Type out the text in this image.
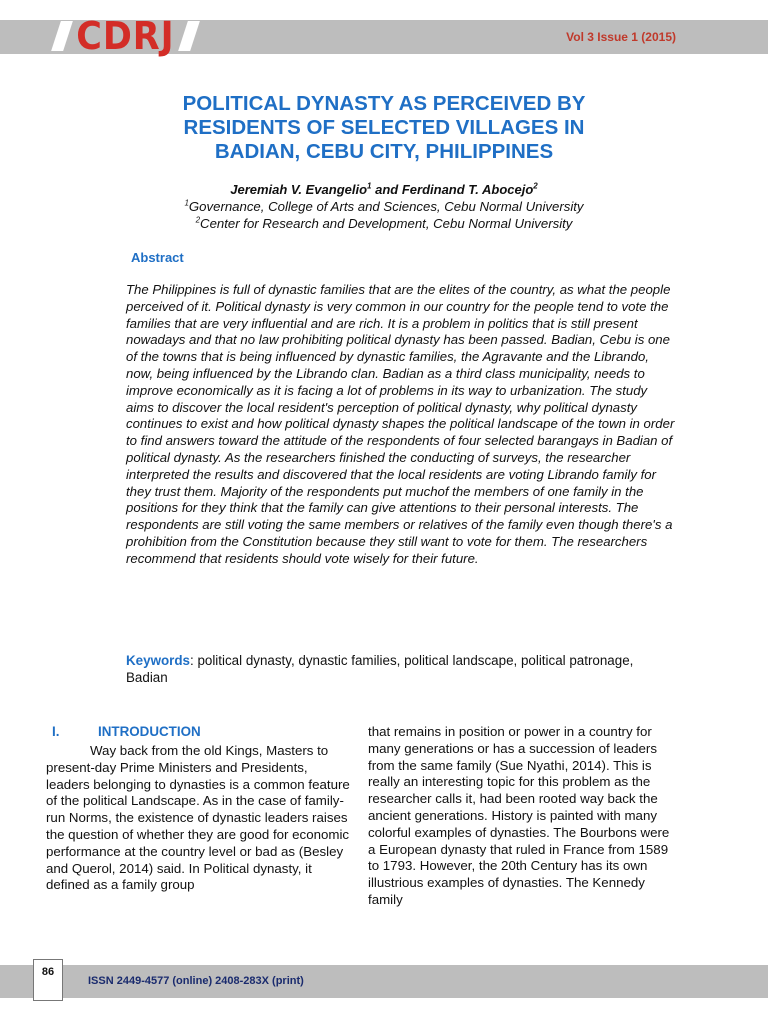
CDRJ	Vol 3 Issue 1 (2015)
POLITICAL DYNASTY AS PERCEIVED BY
RESIDENTS OF SELECTED VILLAGES IN
BADIAN, CEBU CITY, PHILIPPINES
Jeremiah V. Evangelio$^1$ and Ferdinand T. Abocejo$^2$
$^1$Governance, College of Arts and Sciences, Cebu Normal University
$^2$Center for Research and Development, Cebu Normal University
Abstract

The Philippines is full of dynastic families that are the elites of the country, as what the people perceived of it. Political dynasty is very common in our country for the people tend to vote the families that are very influential and are rich. It is a problem in politics that is still present nowadays and that no law prohibiting political dynasty has been passed. Badian, Cebu is one of the towns that is being influenced by dynastic families, the Agravante and the Librando, now, being influenced by the Librando clan. Badian as a third class municipality, needs to improve economically as it is facing a lot of problems in its way to urbanization. The study aims to discover the local resident's perception of political dynasty, why political dynasty continues to exist and how political dynasty shapes the political landscape of the town in order to find answers toward the attitude of the respondents of four selected barangays in Badian of political dynasty. As the researchers finished the conducting of surveys, the researcher interpreted the results and discovered that the local residents are voting Librando family for they trust them. Majority of the respondents put muchof the members of one family in the positions for they think that the family can give attentions to their personal interests. The respondents are still voting the same members or relatives of the family even though there's a prohibition from the Constitution because they still want to vote for them. The researchers recommend that residents should vote wisely for their future.

Keywords: political dynasty, dynastic families, political landscape, political patronage, Badian

I.	INTRODUCTION

Way back from the old Kings, Masters to present-day Prime Ministers and Presidents, leaders belonging to dynasties is a common feature of the political Landscape. As in the case of family-run Norms, the existence of dynastic leaders raises the question of whether they are good for economic performance at the country level or bad as (Besley and Querol, 2014) said. In Political dynasty, it defined as a family group

that remains in position or power in a country for many generations or has a succession of leaders from the same family (Sue Nyathi, 2014). This is really an interesting topic for this problem as the researcher calls it, had been rooted way back the ancient generations. History is painted with many colorful examples of dynasties. The Bourbons were a European dynasty that ruled in France from 1589 to 1793. However, the 20th Century has its own illustrious examples of dynasties. The Kennedy family

86
ISSN 2449-4577 (online) 2408-283X (print)
